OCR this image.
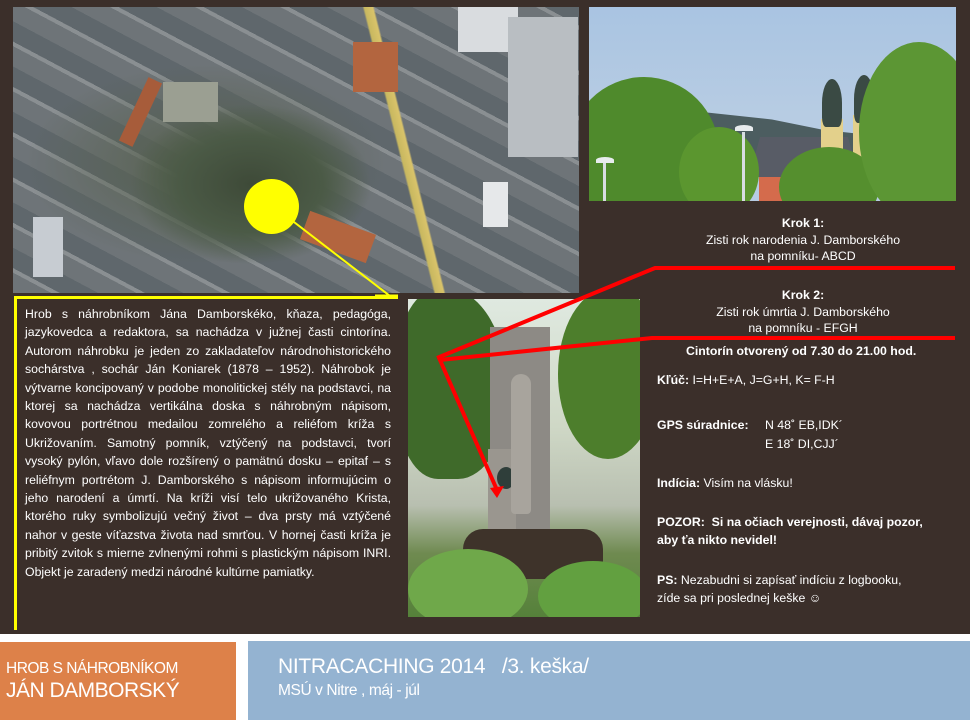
Hrob s náhrobníkom Jána Damborskéko, kňaza, pedagóga, jazykovedca a redaktora, sa nachádza v južnej časti cintorína. Autorom náhrobku je jeden zo zakladateľov národnohistorického sochárstva , sochár Ján Koniarek (1878 – 1952). Náhrobok je výtvarne koncipovaný v podobe monolitickej stély na podstavci, na ktorej sa nachádza vertikálna doska s náhrobným nápisom, kovovou portrétnou medailou zomrelého a reliéfom kríža s Ukrižovaním. Samotný pomník, vztýčený na podstavci, tvorí vysoký pylón, vľavo dole rozšírený o pamätnú dosku – epitaf – s reliéfnym portrétom J. Damborského s nápisom informujúcim o jeho narodení a úmrtí. Na kríži visí telo ukrižovaného Krista, ktorého ruky symbolizujú večný život – dva prsty má vztýčené nahor v geste víťazstva života nad smrťou. V hornej časti kríža je pribitý zvitok s mierne zvlnenými rohmi s plastickým nápisom INRI. Objekt je zaradený medzi národné kultúrne pamiatky.
Krok 1:
Zisti rok narodenia J. Damborského
na pomníku- ABCD
Krok 2:
Zisti rok úmrtia J. Damborského
na pomníku - EFGH
Cintorín otvorený od 7.30 do 21.00 hod.
Kľúč: I=H+E+A, J=G+H, K= F-H
GPS súradnice: N 48˚ EB,IDK´
E 18˚ DI,CJJ´
Indícia: Visím na vlásku!
POZOR:  Si na očiach verejnosti, dávaj pozor,
aby ťa nikto nevidel!
PS: Nezabudni si zapísať indíciu z logbooku,
zíde sa pri poslednej keške ☺
HROB S NÁHROBNÍKOM
JÁN DAMBORSKÝ
NITRACACHING 2014   /3. keška/
MSÚ v Nitre , máj - júl
